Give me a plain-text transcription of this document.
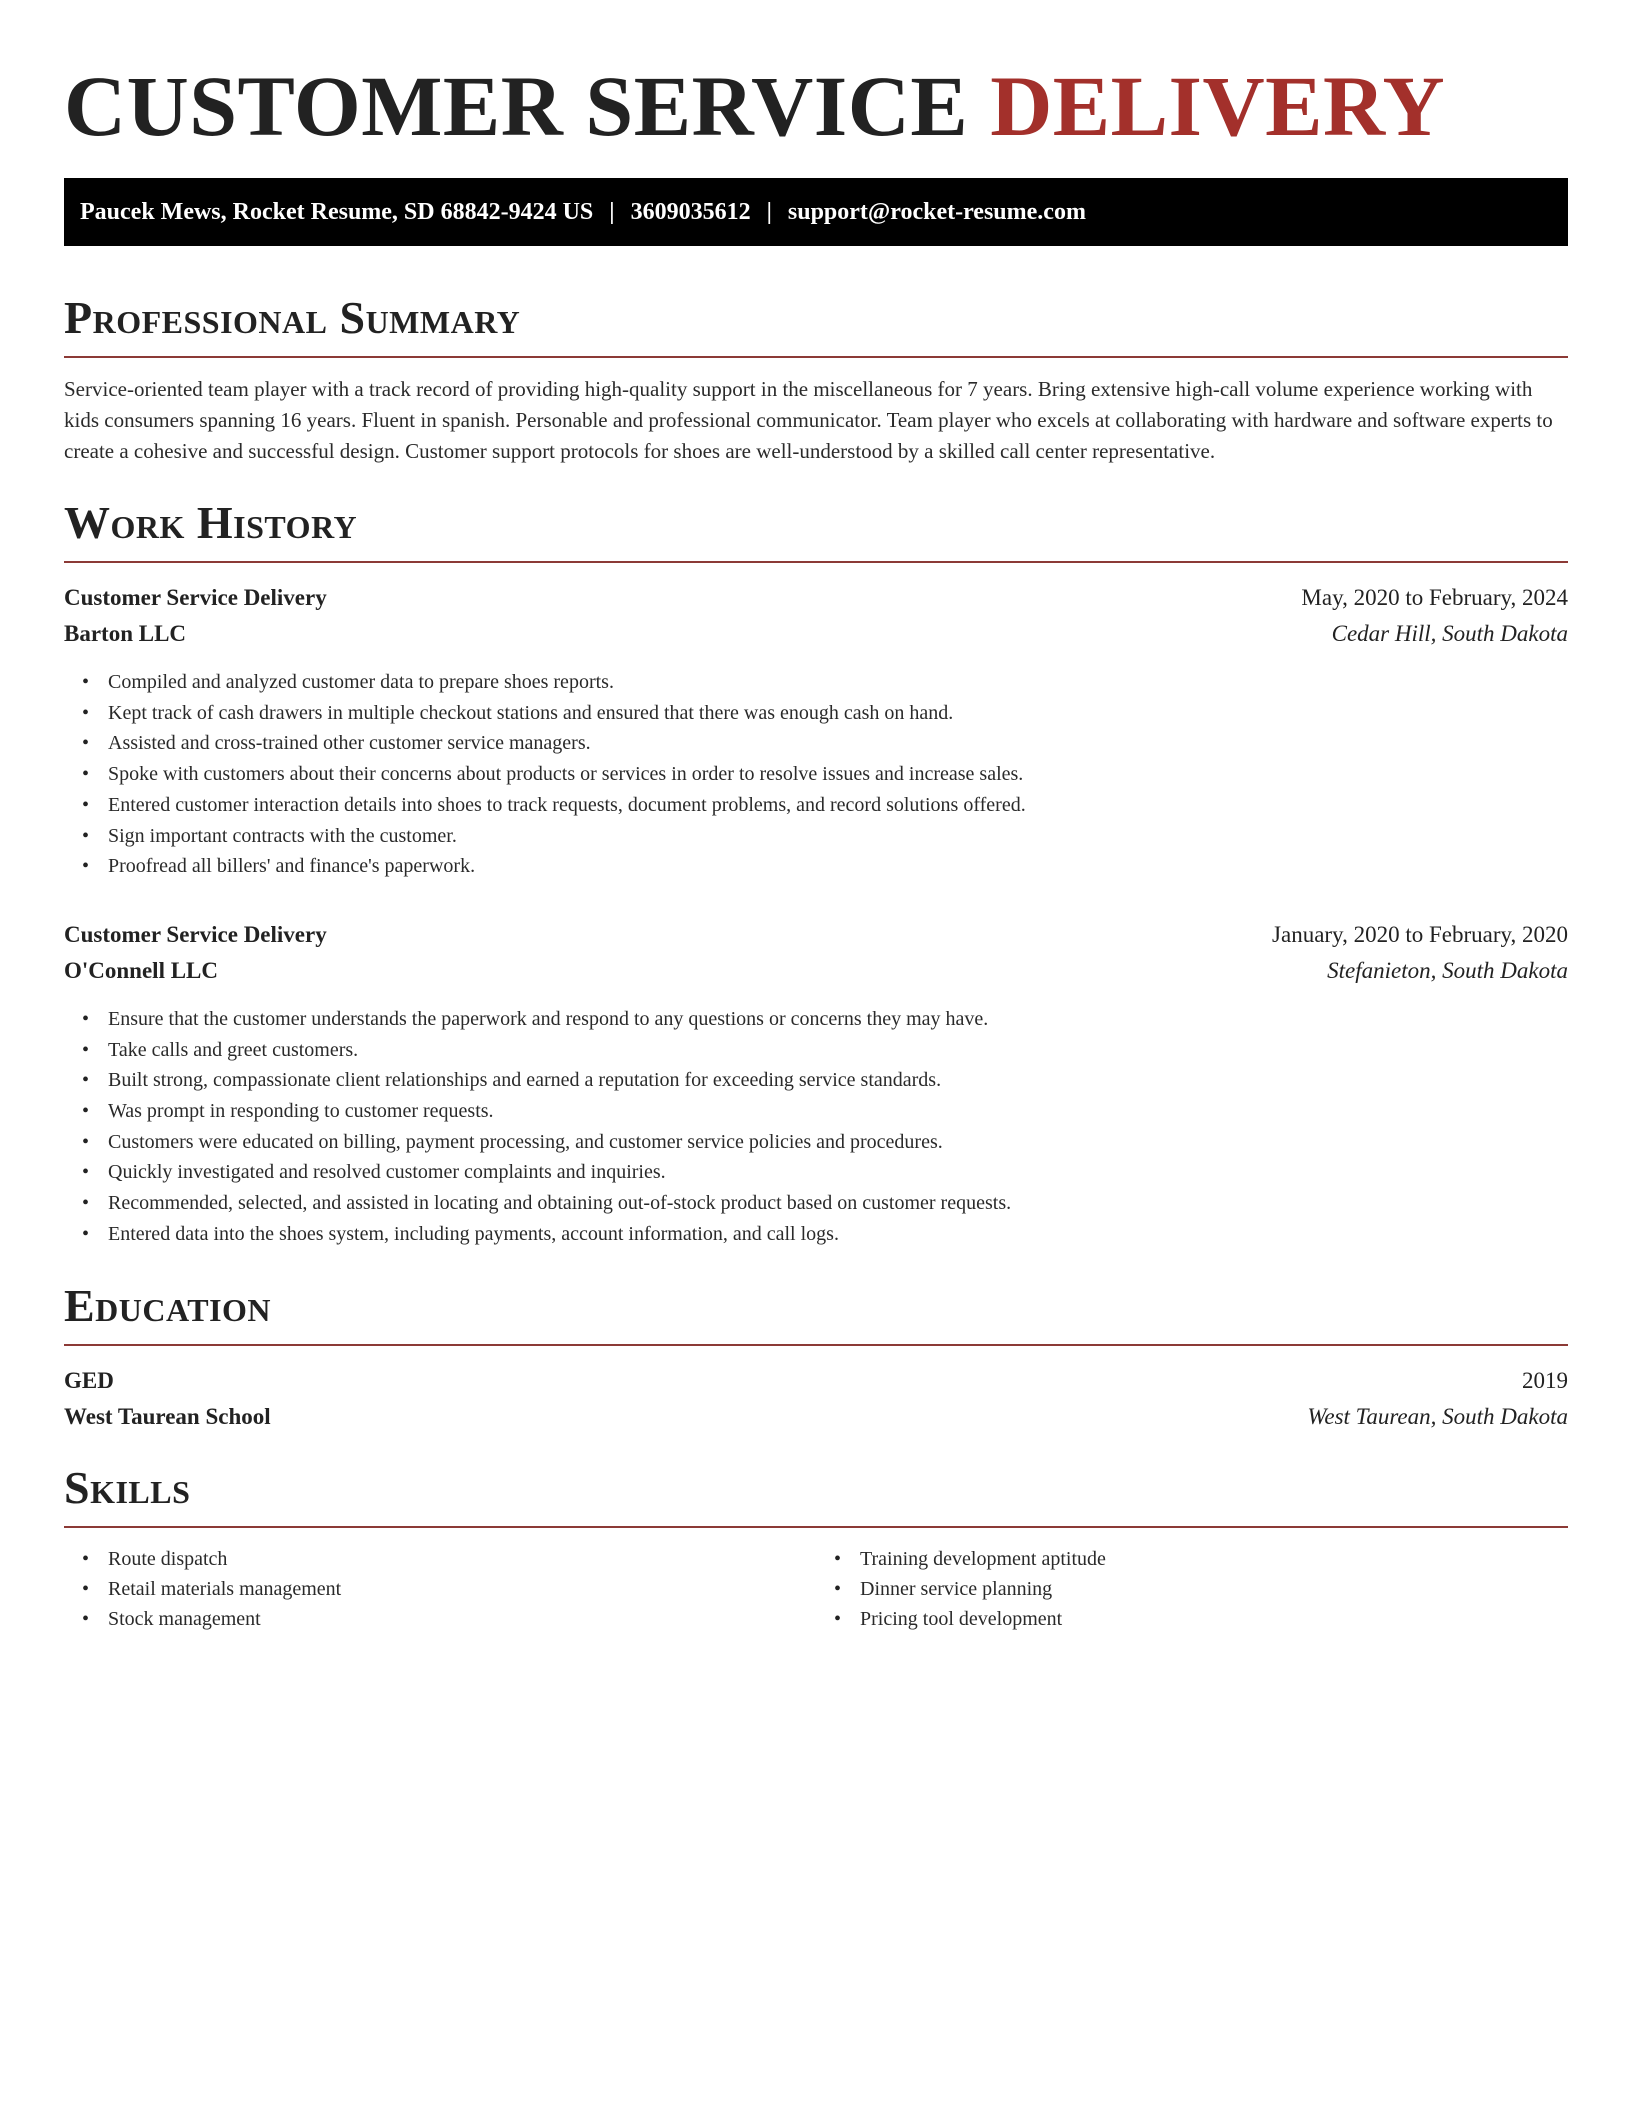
CUSTOMER SERVICE DELIVERY
Paucek Mews, Rocket Resume, SD 68842-9424 US | 3609035612 | support@rocket-resume.com
Professional Summary

Service-oriented team player with a track record of providing high-quality support in the miscellaneous for 7 years. Bring extensive high-call volume experience working with kids consumers spanning 16 years. Fluent in spanish. Personable and professional communicator. Team player who excels at collaborating with hardware and software experts to create a cohesive and successful design. Customer support protocols for shoes are well-understood by a skilled call center representative.

Work History
Customer Service Delivery	May, 2020 to February, 2024
Barton LLC	Cedar Hill, South Dakota
• Compiled and analyzed customer data to prepare shoes reports.
• Kept track of cash drawers in multiple checkout stations and ensured that there was enough cash on hand.
• Assisted and cross-trained other customer service managers.
• Spoke with customers about their concerns about products or services in order to resolve issues and increase sales.
• Entered customer interaction details into shoes to track requests, document problems, and record solutions offered.
• Sign important contracts with the customer.
• Proofread all billers' and finance's paperwork.
Customer Service Delivery	January, 2020 to February, 2020
O'Connell LLC	Stefanieton, South Dakota
• Ensure that the customer understands the paperwork and respond to any questions or concerns they may have.
• Take calls and greet customers.
• Built strong, compassionate client relationships and earned a reputation for exceeding service standards.
• Was prompt in responding to customer requests.
• Customers were educated on billing, payment processing, and customer service policies and procedures.
• Quickly investigated and resolved customer complaints and inquiries.
• Recommended, selected, and assisted in locating and obtaining out-of-stock product based on customer requests.
• Entered data into the shoes system, including payments, account information, and call logs.
Education
GED	2019
West Taurean School	West Taurean, South Dakota
Skills
• Route dispatch
• Retail materials management
• Stock management
• Training development aptitude
• Dinner service planning
• Pricing tool development
